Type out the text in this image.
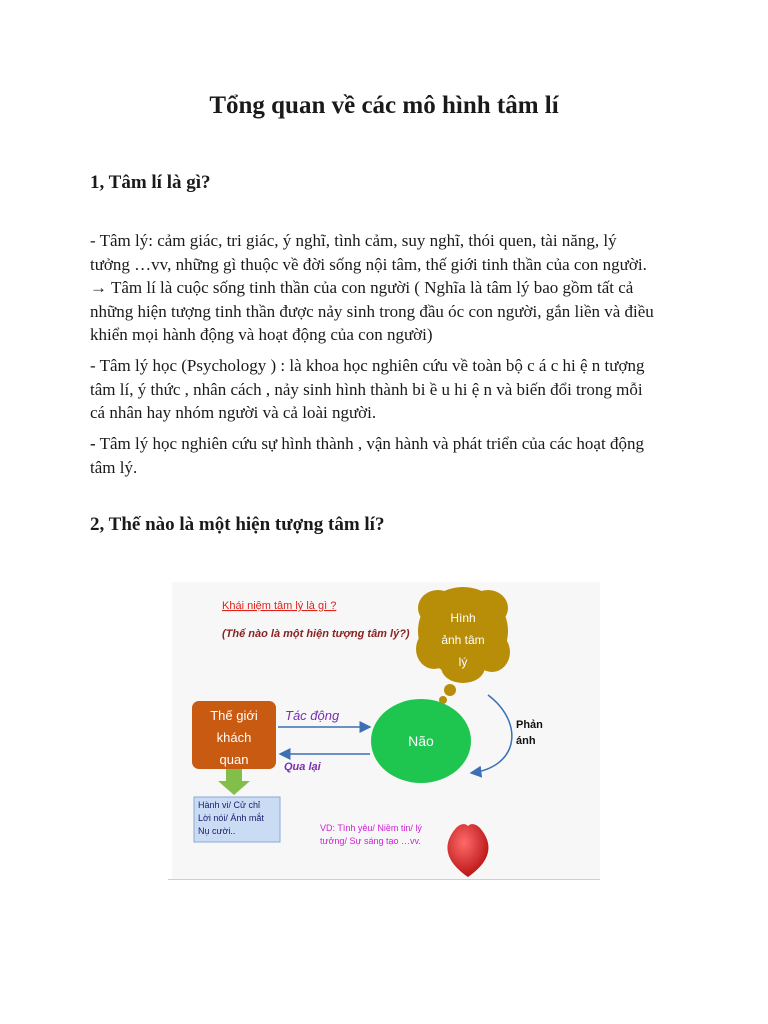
Tổng quan về các mô hình tâm lí
1, Tâm lí là gì?
- Tâm lý: cảm giác, tri giác, ý nghĩ, tình cảm, suy nghĩ, thói quen, tài năng, lý
tưởng …vv, những gì thuộc về đời sống nội tâm, thế giới tinh thần của con người.
→ Tâm lí là cuộc sống tinh thần của con người ( Nghĩa là tâm lý bao gồm tất cả
những hiện tượng tinh thần được nảy sinh trong đầu óc con người, gắn liền và điều
khiển mọi hành động và hoạt động của con người)
- Tâm lý học (Psychology ) : là khoa học nghiên cứu về toàn bộ c á c hi ệ n tượng
tâm lí, ý thức , nhân cách , nảy sinh hình thành bi ề u hi ệ n và biến đổi trong mỗi
cá nhân hay nhóm người và cả loài người.
- Tâm lý học nghiên cứu sự hình thành , vận hành và phát triển của các hoạt động
tâm lý.
2, Thế nào là một hiện tượng tâm lí?
Khái niệm tâm lý là gì ?
(Thế nào là một hiện tượng tâm lý?)
Hình
ảnh tâm
lý
Thế giới
khách
quan
Tác động
Qua lại
Não
Phản
ánh
Hành vi/ Cử chỉ
Lời nói/ Ánh mắt
Nụ cười..	VD: Tình yêu/ Niềm tin/ lý
tưởng/ Sự sáng tạo …vv.
